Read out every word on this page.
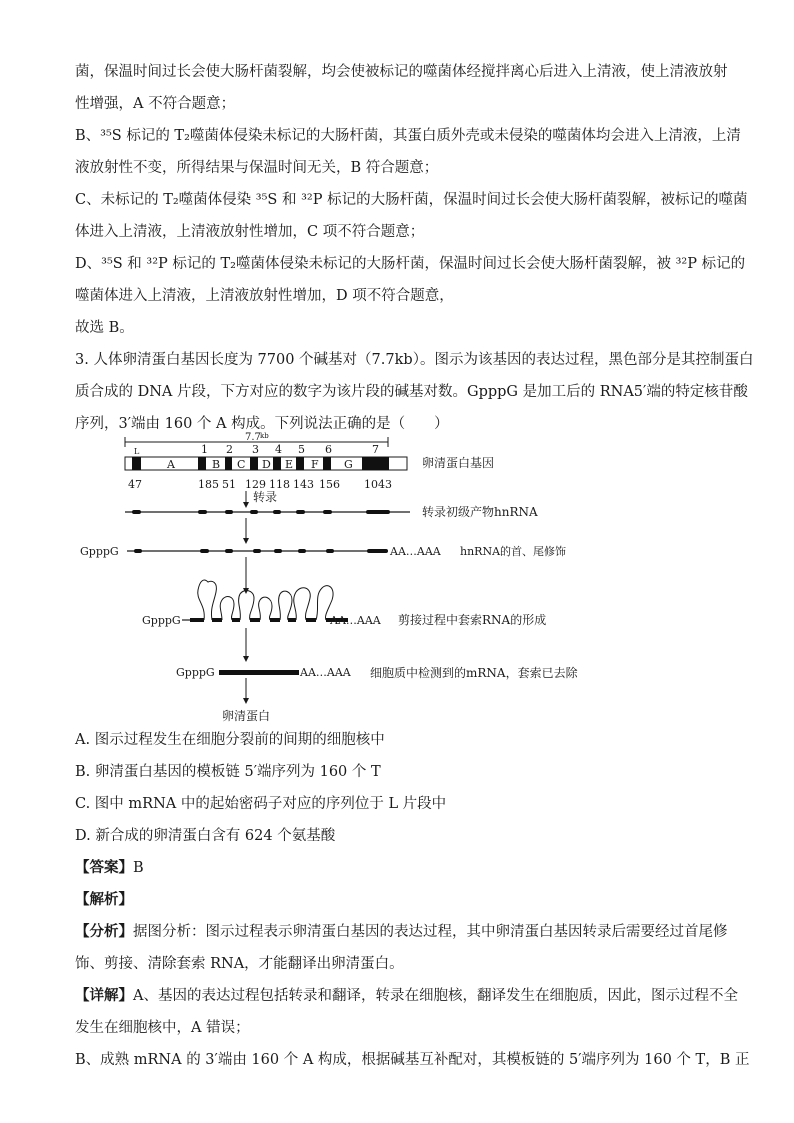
菌，保温时间过长会使大肠杆菌裂解，均会使被标记的噬菌体经搅拌离心后进入上清液，使上清液放射
性增强，A 不符合题意；
B、³⁵S 标记的 T₂噬菌体侵染未标记的大肠杆菌，其蛋白质外壳或未侵染的噬菌体均会进入上清液，上清
液放射性不变，所得结果与保温时间无关，B 符合题意；
C、未标记的 T₂噬菌体侵染 ³⁵S 和 ³²P 标记的大肠杆菌，保温时间过长会使大肠杆菌裂解，被标记的噬菌
体进入上清液，上清液放射性增加，C 项不符合题意；
D、³⁵S 和 ³²P 标记的 T₂噬菌体侵染未标记的大肠杆菌，保温时间过长会使大肠杆菌裂解，被 ³²P 标记的
噬菌体进入上清液，上清液放射性增加，D 项不符合题意，
故选 B。
3. 人体卵清蛋白基因长度为 7700 个碱基对（7.7kb）。图示为该基因的表达过程，黑色部分是其控制蛋白
质合成的 DNA 片段，下方对应的数字为该片段的碱基对数。GpppG 是加工后的 RNA5′端的特定核苷酸
序列，3′端由 160 个 A 构成。下列说法正确的是（　　）
7.7 kb
L	1 2 3 4 5 6	7
A	B C D E F G
47	185 51 129 118 143 156 1043
卵清蛋白基因
转录
转录初级产物hnRNA
GpppG	AA…AAA hnRNA的首、尾修饰
GpppG	AA…AAA 剪接过程中套索RNA的形成
GpppG	AA…AAA 细胞质中检测到的mRNA，套索已去除
卵清蛋白
A. 图示过程发生在细胞分裂前的间期的细胞核中
B. 卵清蛋白基因的模板链 5′端序列为 160 个 T
C. 图中 mRNA 中的起始密码子对应的序列位于 L 片段中
D. 新合成的卵清蛋白含有 624 个氨基酸
【答案】B
【解析】
【分析】据图分析：图示过程表示卵清蛋白基因的表达过程，其中卵清蛋白基因转录后需要经过首尾修
饰、剪接、清除套索 RNA，才能翻译出卵清蛋白。
【详解】A、基因的表达过程包括转录和翻译，转录在细胞核，翻译发生在细胞质，因此，图示过程不全
发生在细胞核中，A 错误；
B、成熟 mRNA 的 3′端由 160 个 A 构成，根据碱基互补配对，其模板链的 5′端序列为 160 个 T，B 正
